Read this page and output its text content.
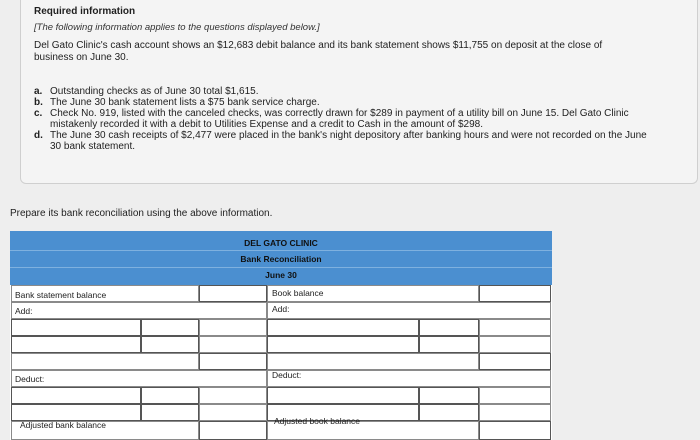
Required information
[The following information applies to the questions displayed below.]
Del Gato Clinic's cash account shows an $12,683 debit balance and its bank statement shows $11,755 on deposit at the close of business on June 30.
a. Outstanding checks as of June 30 total $1,615.
b. The June 30 bank statement lists a $75 bank service charge.
c. Check No. 919, listed with the canceled checks, was correctly drawn for $289 in payment of a utility bill on June 15. Del Gato Clinic mistakenly recorded it with a debit to Utilities Expense and a credit to Cash in the amount of $298.
d. The June 30 cash receipts of $2,477 were placed in the bank's night depository after banking hours and were not recorded on the June 30 bank statement.
Prepare its bank reconciliation using the above information.
DEL GATO CLINIC
Bank Reconciliation
June 30
Bank statement balance	Book balance
Add:	Add:
Deduct:	Deduct:
Adjusted bank balance	Adjusted book balance
